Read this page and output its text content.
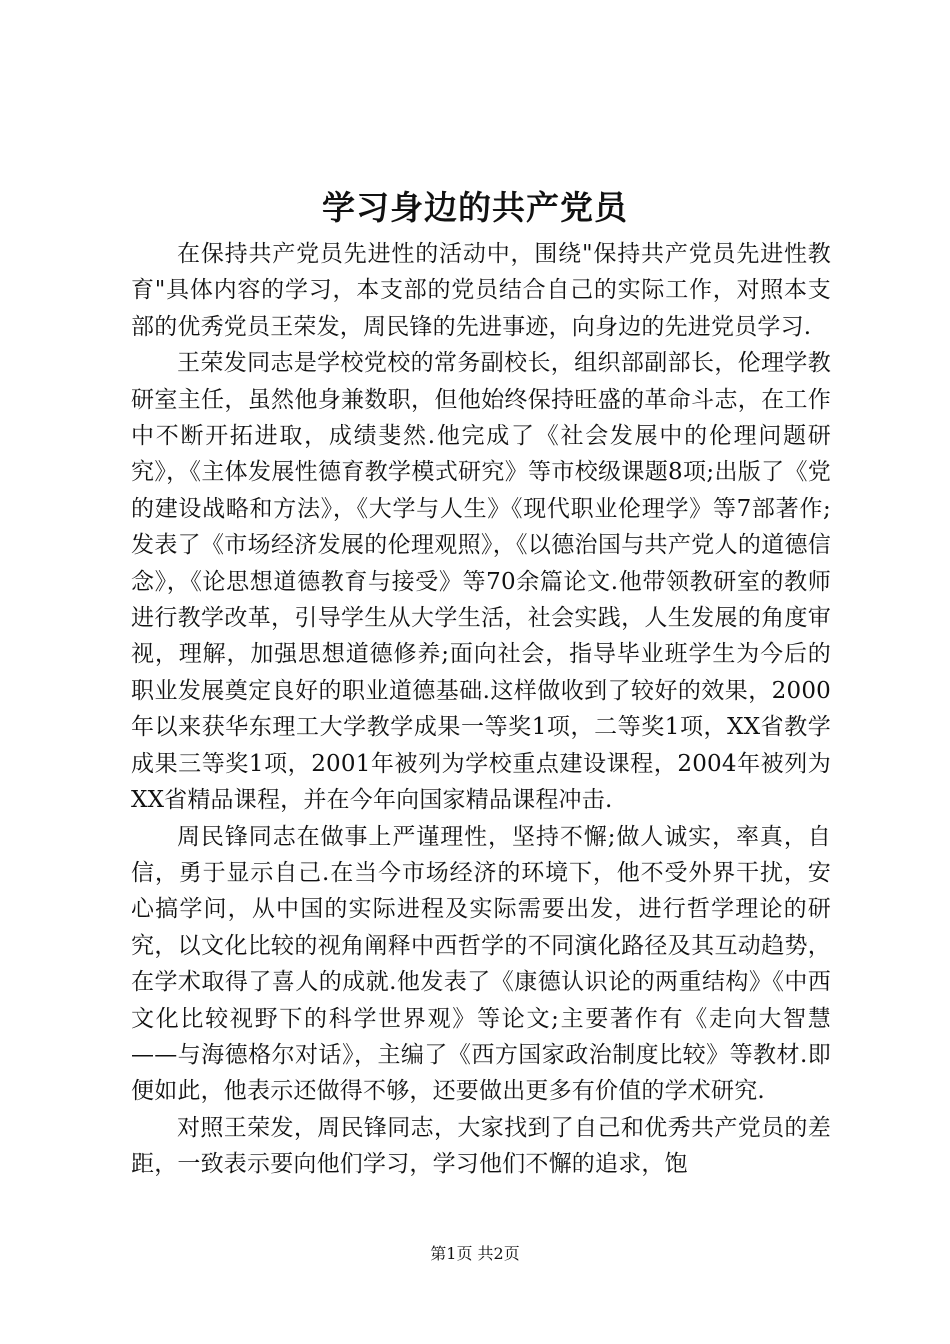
学习身边的共产党员

在保持共产党员先进性的活动中，围绕"保持共产党员先进性教育"具体内容的学习，本支部的党员结合自己的实际工作，对照本支部的优秀党员王荣发，周民锋的先进事迹，向身边的先进党员学习.

王荣发同志是学校党校的常务副校长，组织部副部长，伦理学教研室主任，虽然他身兼数职，但他始终保持旺盛的革命斗志，在工作中不断开拓进取，成绩斐然.他完成了《社会发展中的伦理问题研究》，《主体发展性德育教学模式研究》等市校级课题8项;出版了《党的建设战略和方法》，《大学与人生》《现代职业伦理学》等7部著作;发表了《市场经济发展的伦理观照》，《以德治国与共产党人的道德信念》，《论思想道德教育与接受》等70余篇论文.他带领教研室的教师进行教学改革，引导学生从大学生活，社会实践，人生发展的角度审视，理解，加强思想道德修养;面向社会，指导毕业班学生为今后的职业发展奠定良好的职业道德基础.这样做收到了较好的效果，2000年以来获华东理工大学教学成果一等奖1项，二等奖1项，XX省教学成果三等奖1项，2001年被列为学校重点建设课程，2004年被列为XX省精品课程，并在今年向国家精品课程冲击.

周民锋同志在做事上严谨理性，坚持不懈;做人诚实，率真，自信，勇于显示自己.在当今市场经济的环境下，他不受外界干扰，安心搞学问，从中国的实际进程及实际需要出发，进行哲学理论的研究，以文化比较的视角阐释中西哲学的不同演化路径及其互动趋势，在学术取得了喜人的成就.他发表了《康德认识论的两重结构》《中西文化比较视野下的科学世界观》等论文;主要著作有《走向大智慧——与海德格尔对话》，主编了《西方国家政治制度比较》等教材.即便如此，他表示还做得不够，还要做出更多有价值的学术研究.

对照王荣发，周民锋同志，大家找到了自己和优秀共产党员的差距，一致表示要向他们学习，学习他们不懈的追求，饱

第1页 共2页
